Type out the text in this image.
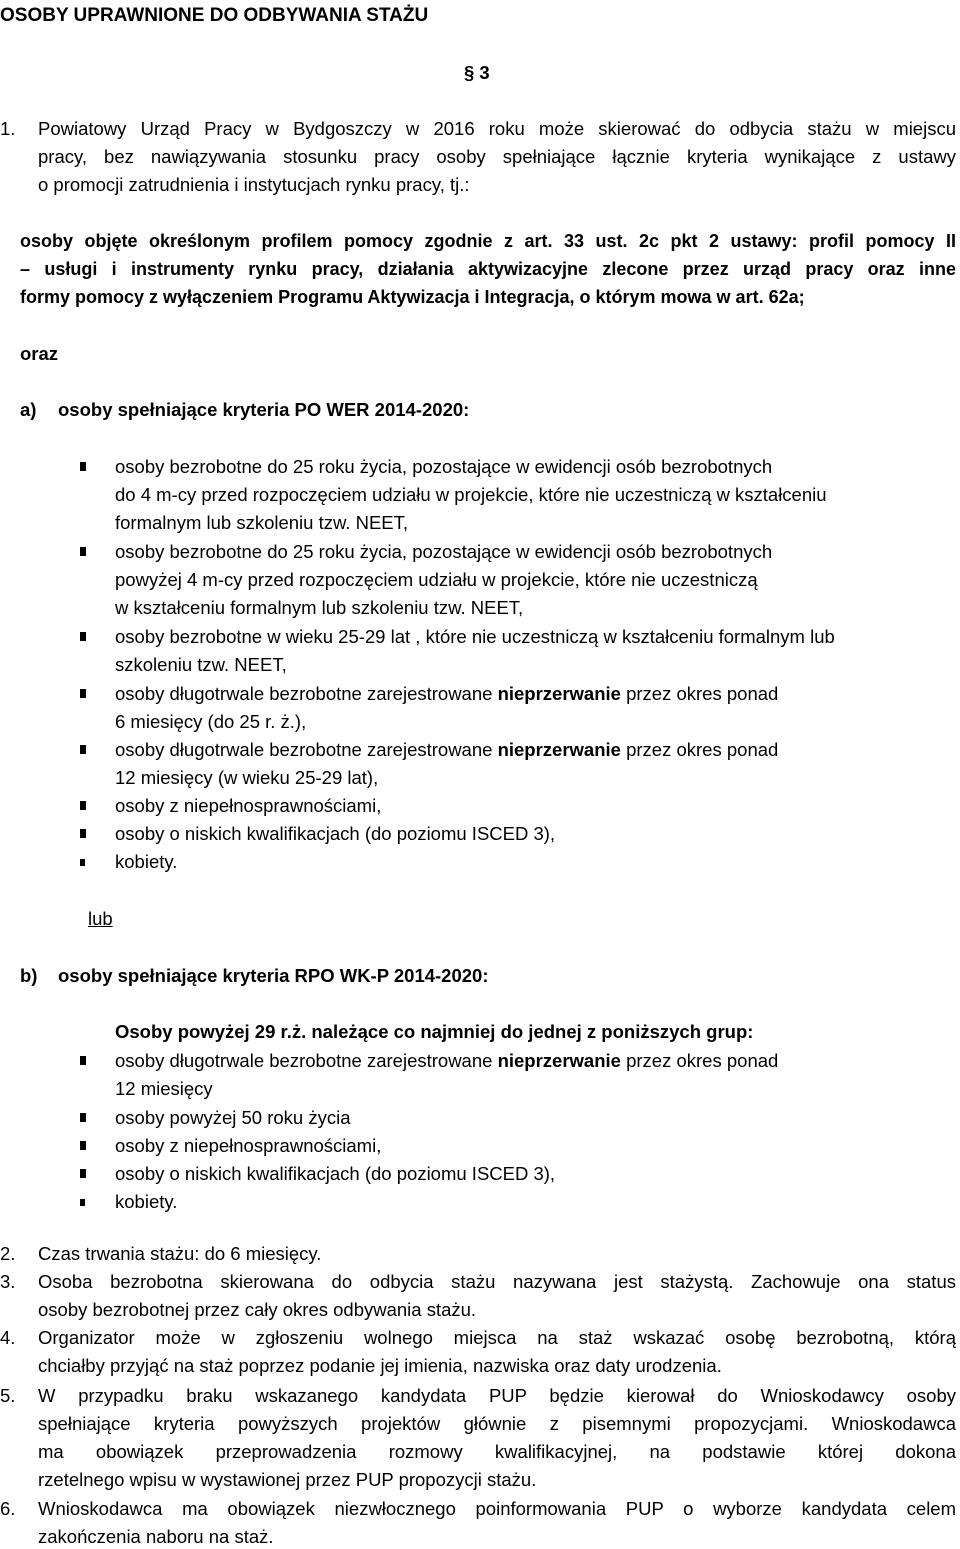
OSOBY UPRAWNIONE DO ODBYWANIA STAŻU
§ 3
1. Powiatowy Urząd Pracy w Bydgoszczy w 2016 roku może skierować do odbycia stażu w miejscu
pracy, bez nawiązywania stosunku pracy osoby spełniające łącznie kryteria wynikające z ustawy
o promocji zatrudnienia i instytucjach rynku pracy, tj.:
osoby objęte określonym profilem pomocy zgodnie z art. 33 ust. 2c pkt 2 ustawy: profil pomocy II
– usługi i instrumenty rynku pracy, działania aktywizacyjne zlecone przez urząd pracy oraz inne
formy pomocy z wyłączeniem Programu Aktywizacja i Integracja, o którym mowa w art. 62a;
oraz
a) osoby spełniające kryteria PO WER 2014-2020:
osoby bezrobotne do 25 roku życia, pozostające w ewidencji osób bezrobotnych
do 4 m-cy przed rozpoczęciem udziału w projekcie, które nie uczestniczą w kształceniu
formalnym lub szkoleniu tzw. NEET,
osoby bezrobotne do 25 roku życia, pozostające w ewidencji osób bezrobotnych
powyżej 4 m-cy przed rozpoczęciem udziału w projekcie, które nie uczestniczą
w kształceniu formalnym lub szkoleniu tzw. NEET,
osoby bezrobotne w wieku 25-29 lat , które nie uczestniczą w kształceniu formalnym lub
szkoleniu tzw. NEET,
osoby długotrwale bezrobotne zarejestrowane nieprzerwanie przez okres ponad
6 miesięcy (do 25 r. ż.),
osoby długotrwale bezrobotne zarejestrowane nieprzerwanie przez okres ponad
12 miesięcy (w wieku 25-29 lat),
osoby z niepełnosprawnościami,
osoby o niskich kwalifikacjach (do poziomu ISCED 3),
kobiety.
lub
b) osoby spełniające kryteria RPO WK-P 2014-2020:
Osoby powyżej 29 r.ż. należące co najmniej do jednej z poniższych grup:
osoby długotrwale bezrobotne zarejestrowane nieprzerwanie przez okres ponad
12 miesięcy
osoby powyżej 50 roku życia
osoby z niepełnosprawnościami,
osoby o niskich kwalifikacjach (do poziomu ISCED 3),
kobiety.
2. Czas trwania stażu: do 6 miesięcy.
3. Osoba bezrobotna skierowana do odbycia stażu nazywana jest stażystą. Zachowuje ona status
osoby bezrobotnej przez cały okres odbywania stażu.
4. Organizator może w zgłoszeniu wolnego miejsca na staż wskazać osobę bezrobotną, którą
chciałby przyjąć na staż poprzez podanie jej imienia, nazwiska oraz daty urodzenia.
5. W przypadku braku wskazanego kandydata PUP będzie kierował do Wnioskodawcy osoby
spełniające kryteria powyższych projektów głównie z pisemnymi propozycjami. Wnioskodawca
ma obowiązek przeprowadzenia rozmowy kwalifikacyjnej, na podstawie której dokona
rzetelnego wpisu w wystawionej przez PUP propozycji stażu.
6. Wnioskodawca ma obowiązek niezwłocznego poinformowania PUP o wyborze kandydata celem
zakończenia naboru na staż.
